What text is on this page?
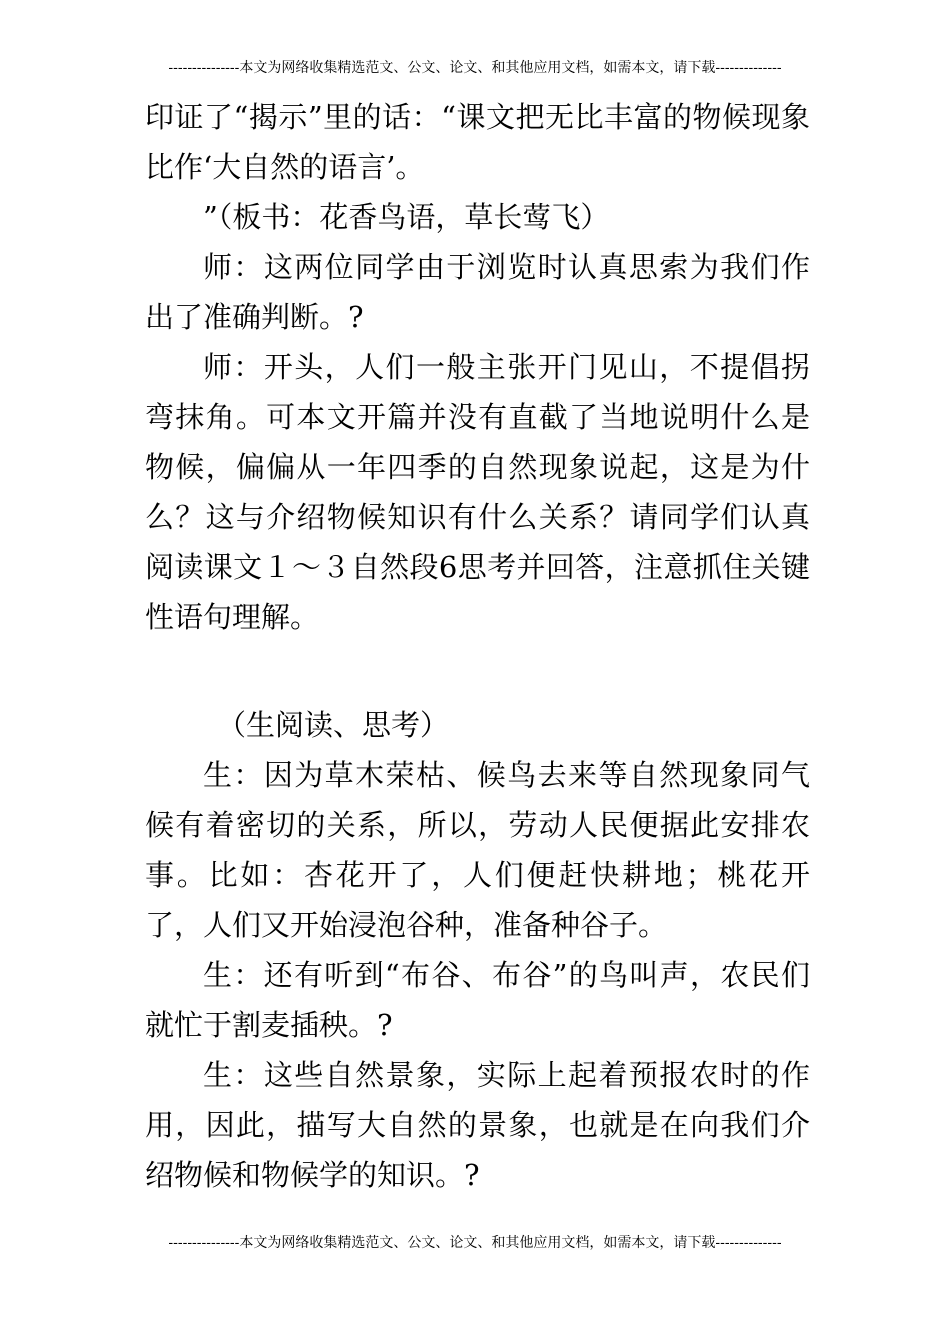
---------------本文为网络收集精选范文、公文、论文、和其他应用文档，如需本文，请下载--------------

印证了“揭示”里的话：“课文把无比丰富的物候现象比作‘大自然的语言’。

”（板书：花香鸟语，草长莺飞）

师：这两位同学由于浏览时认真思索为我们作出了准确判断。?

师：开头，人们一般主张开门见山，不提倡拐弯抹角。可本文开篇并没有直截了当地说明什么是物候，偏偏从一年四季的自然现象说起，这是为什么？这与介绍物候知识有什么关系？请同学们认真阅读课文１～３自然段6思考并回答，注意抓住关键性语句理解。

（生阅读、思考）

生：因为草木荣枯、候鸟去来等自然现象同气候有着密切的关系，所以，劳动人民便据此安排农事。比如：杏花开了，人们便赶快耕地；桃花开了，人们又开始浸泡谷种，准备种谷子。

生：还有听到“布谷、布谷”的鸟叫声，农民们就忙于割麦插秧。?

生：这些自然景象，实际上起着预报农时的作用，因此，描写大自然的景象，也就是在向我们介绍物候和物候学的知识。?

---------------本文为网络收集精选范文、公文、论文、和其他应用文档，如需本文，请下载--------------
